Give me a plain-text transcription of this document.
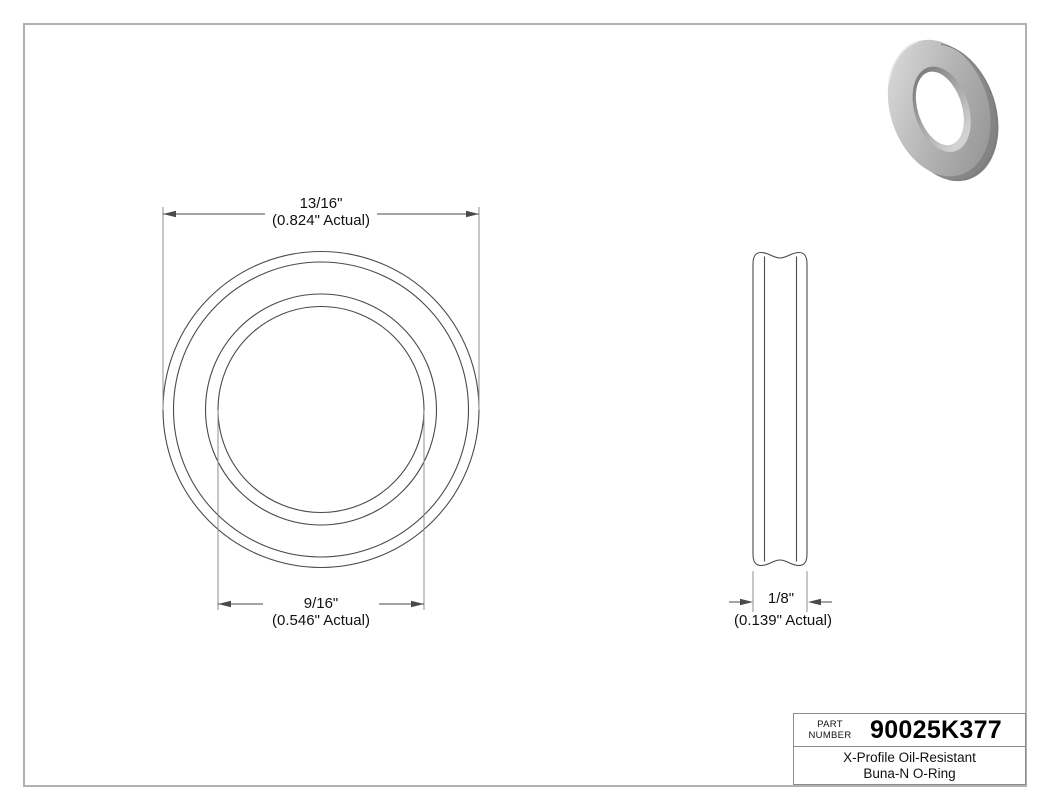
13/16"
(0.824" Actual)
9/16"
(0.546" Actual)
1/8"
(0.139" Actual)
PART
NUMBER 90025K377
X-Profile Oil-Resistant
Buna-N O-Ring
